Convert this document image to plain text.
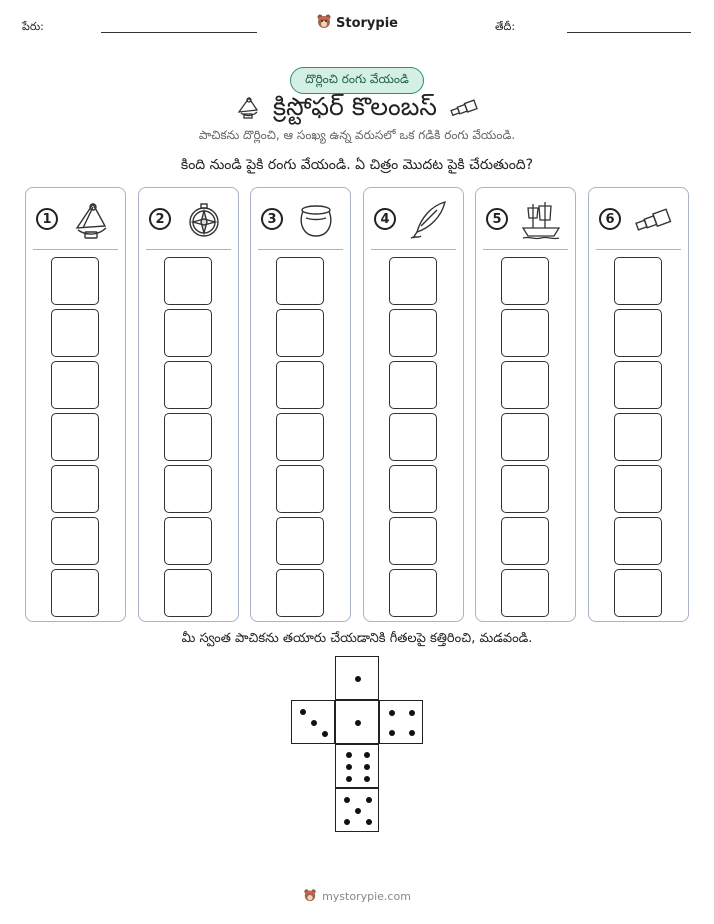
పేరు:	Storypie	తేదీ:
దొర్లించి రంగు వేయండి
క్రిస్టోఫర్ కొలంబస్
పాచికను దొర్లించి, ఆ సంఖ్య ఉన్న వరుసలో ఒక గడికి రంగు వేయండి.
కింది నుండి పైకి రంగు వేయండి. ఏ చిత్రం మొదట పైకి చేరుతుంది?
1	2	3	4	5	6
మీ స్వంత పాచికను తయారు చేయడానికి గీతలపై కత్తిరించి, మడవండి.
mystorypie.com
